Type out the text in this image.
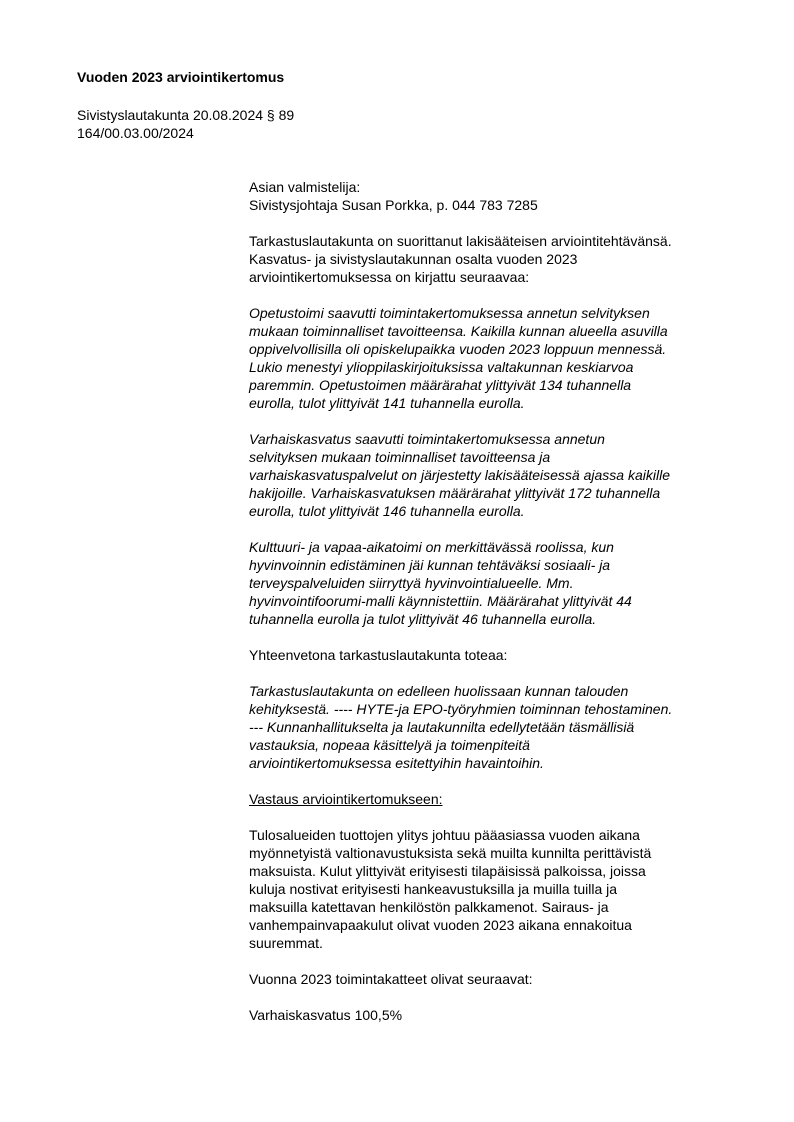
Vuoden 2023 arviointikertomus
Sivistyslautakunta 20.08.2024 § 89
164/00.03.00/2024

Asian valmistelija:
Sivistysjohtaja Susan Porkka, p. 044 783 7285

Tarkastuslautakunta on suorittanut lakisääteisen arviointitehtävänsä.
Kasvatus- ja sivistyslautakunnan osalta vuoden 2023
arviointikertomuksessa on kirjattu seuraavaa:

Opetustoimi saavutti toimintakertomuksessa annetun selvityksen
mukaan toiminnalliset tavoitteensa. Kaikilla kunnan alueella asuvilla
oppivelvollisilla oli opiskelupaikka vuoden 2023 loppuun mennessä.
Lukio menestyi ylioppilaskirjoituksissa valtakunnan keskiarvoa
paremmin. Opetustoimen määrärahat ylittyivät 134 tuhannella
eurolla, tulot ylittyivät 141 tuhannella eurolla.

Varhaiskasvatus saavutti toimintakertomuksessa annetun
selvityksen mukaan toiminnalliset tavoitteensa ja
varhaiskasvatuspalvelut on järjestetty lakisääteisessä ajassa kaikille
hakijoille. Varhaiskasvatuksen määrärahat ylittyivät 172 tuhannella
eurolla, tulot ylittyivät 146 tuhannella eurolla.

Kulttuuri- ja vapaa-aikatoimi on merkittävässä roolissa, kun
hyvinvoinnin edistäminen jäi kunnan tehtäväksi sosiaali- ja
terveyspalveluiden siirryttyä hyvinvointialueelle. Mm.
hyvinvointifoorumi-malli käynnistettiin. Määrärahat ylittyivät 44
tuhannella eurolla ja tulot ylittyivät 46 tuhannella eurolla.

Yhteenvetona tarkastuslautakunta toteaa:

Tarkastuslautakunta on edelleen huolissaan kunnan talouden
kehityksestä. ---- HYTE-ja EPO-työryhmien toiminnan tehostaminen.
--- Kunnanhallitukselta ja lautakunnilta edellytetään täsmällisiä
vastauksia, nopeaa käsittelyä ja toimenpiteitä
arviointikertomuksessa esitettyihin havaintoihin.

Vastaus arviointikertomukseen:

Tulosalueiden tuottojen ylitys johtuu pääasiassa vuoden aikana
myönnetyistä valtionavustuksista sekä muilta kunnilta perittävistä
maksuista. Kulut ylittyivät erityisesti tilapäisissä palkoissa, joissa
kuluja nostivat erityisesti hankeavustuksilla ja muilla tuilla ja
maksuilla katettavan henkilöstön palkkamenot. Sairaus- ja
vanhempainvapaakulut olivat vuoden 2023 aikana ennakoitua
suuremmat.

Vuonna 2023 toimintakatteet olivat seuraavat:

Varhaiskasvatus 100,5%
